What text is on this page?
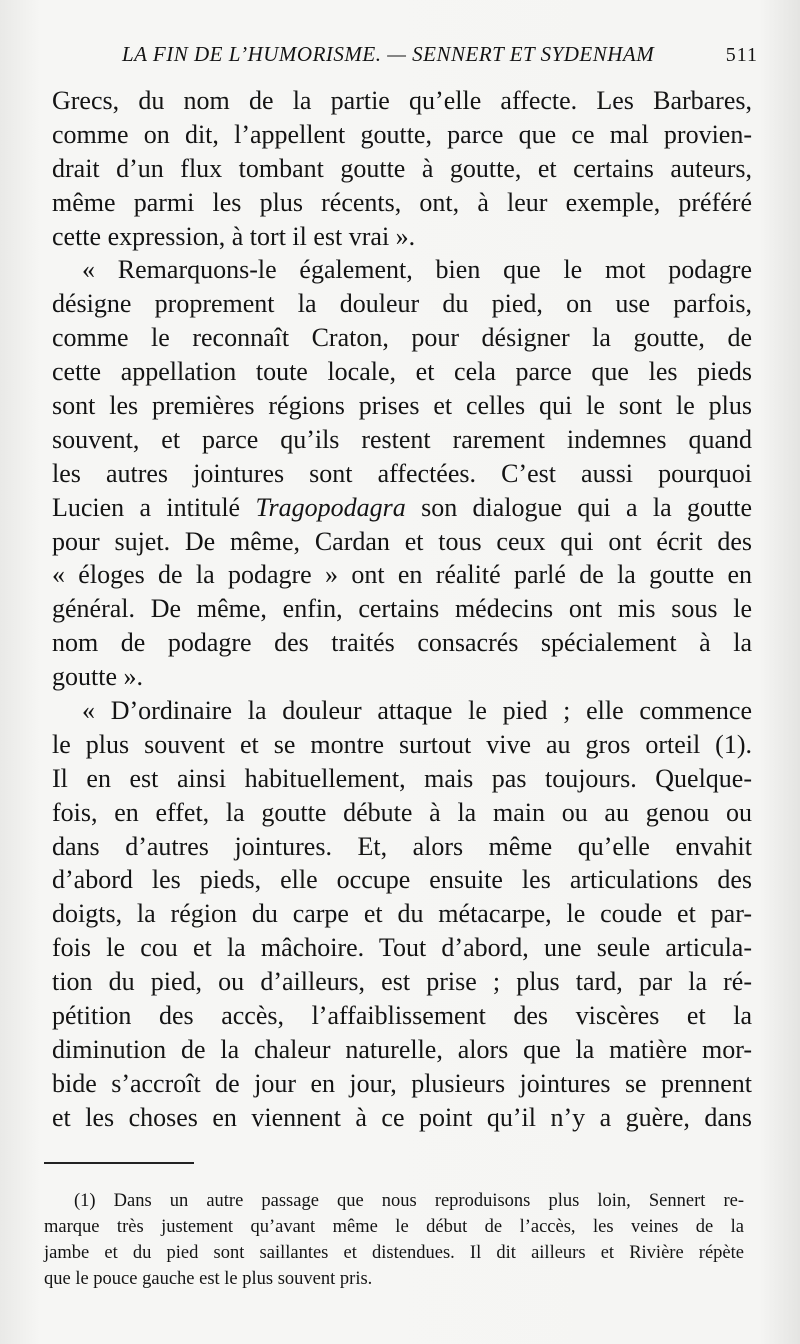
LA FIN DE L’HUMORISME. — SENNERT ET SYDENHAM	511
Grecs, du nom de la partie qu’elle affecte. Les Barbares,
comme on dit, l’appellent goutte, parce que ce mal provien-
drait d’un flux tombant goutte à goutte, et certains auteurs,
même parmi les plus récents, ont, à leur exemple, préféré
cette expression, à tort il est vrai ».
« Remarquons-le également, bien que le mot podagre
désigne proprement la douleur du pied, on use parfois,
comme le reconnaît Craton, pour désigner la goutte, de
cette appellation toute locale, et cela parce que les pieds
sont les premières régions prises et celles qui le sont le plus
souvent, et parce qu’ils restent rarement indemnes quand
les autres jointures sont affectées. C’est aussi pourquoi
Lucien a intitulé Tragopodagra son dialogue qui a la goutte
pour sujet. De même, Cardan et tous ceux qui ont écrit des
« éloges de la podagre » ont en réalité parlé de la goutte en
général. De même, enfin, certains médecins ont mis sous le
nom de podagre des traités consacrés spécialement à la
goutte ».
« D’ordinaire la douleur attaque le pied ; elle commence
le plus souvent et se montre surtout vive au gros orteil (1).
Il en est ainsi habituellement, mais pas toujours. Quelque-
fois, en effet, la goutte débute à la main ou au genou ou
dans d’autres jointures. Et, alors même qu’elle envahit
d’abord les pieds, elle occupe ensuite les articulations des
doigts, la région du carpe et du métacarpe, le coude et par-
fois le cou et la mâchoire. Tout d’abord, une seule articula-
tion du pied, ou d’ailleurs, est prise ; plus tard, par la ré-
pétition des accès, l’affaiblissement des viscères et la
diminution de la chaleur naturelle, alors que la matière mor-
bide s’accroît de jour en jour, plusieurs jointures se prennent
et les choses en viennent à ce point qu’il n’y a guère, dans
(1) Dans un autre passage que nous reproduisons plus loin, Sennert re-
marque très justement qu’avant même le début de l’accès, les veines de la
jambe et du pied sont saillantes et distendues. Il dit ailleurs et Rivière répète
que le pouce gauche est le plus souvent pris.
